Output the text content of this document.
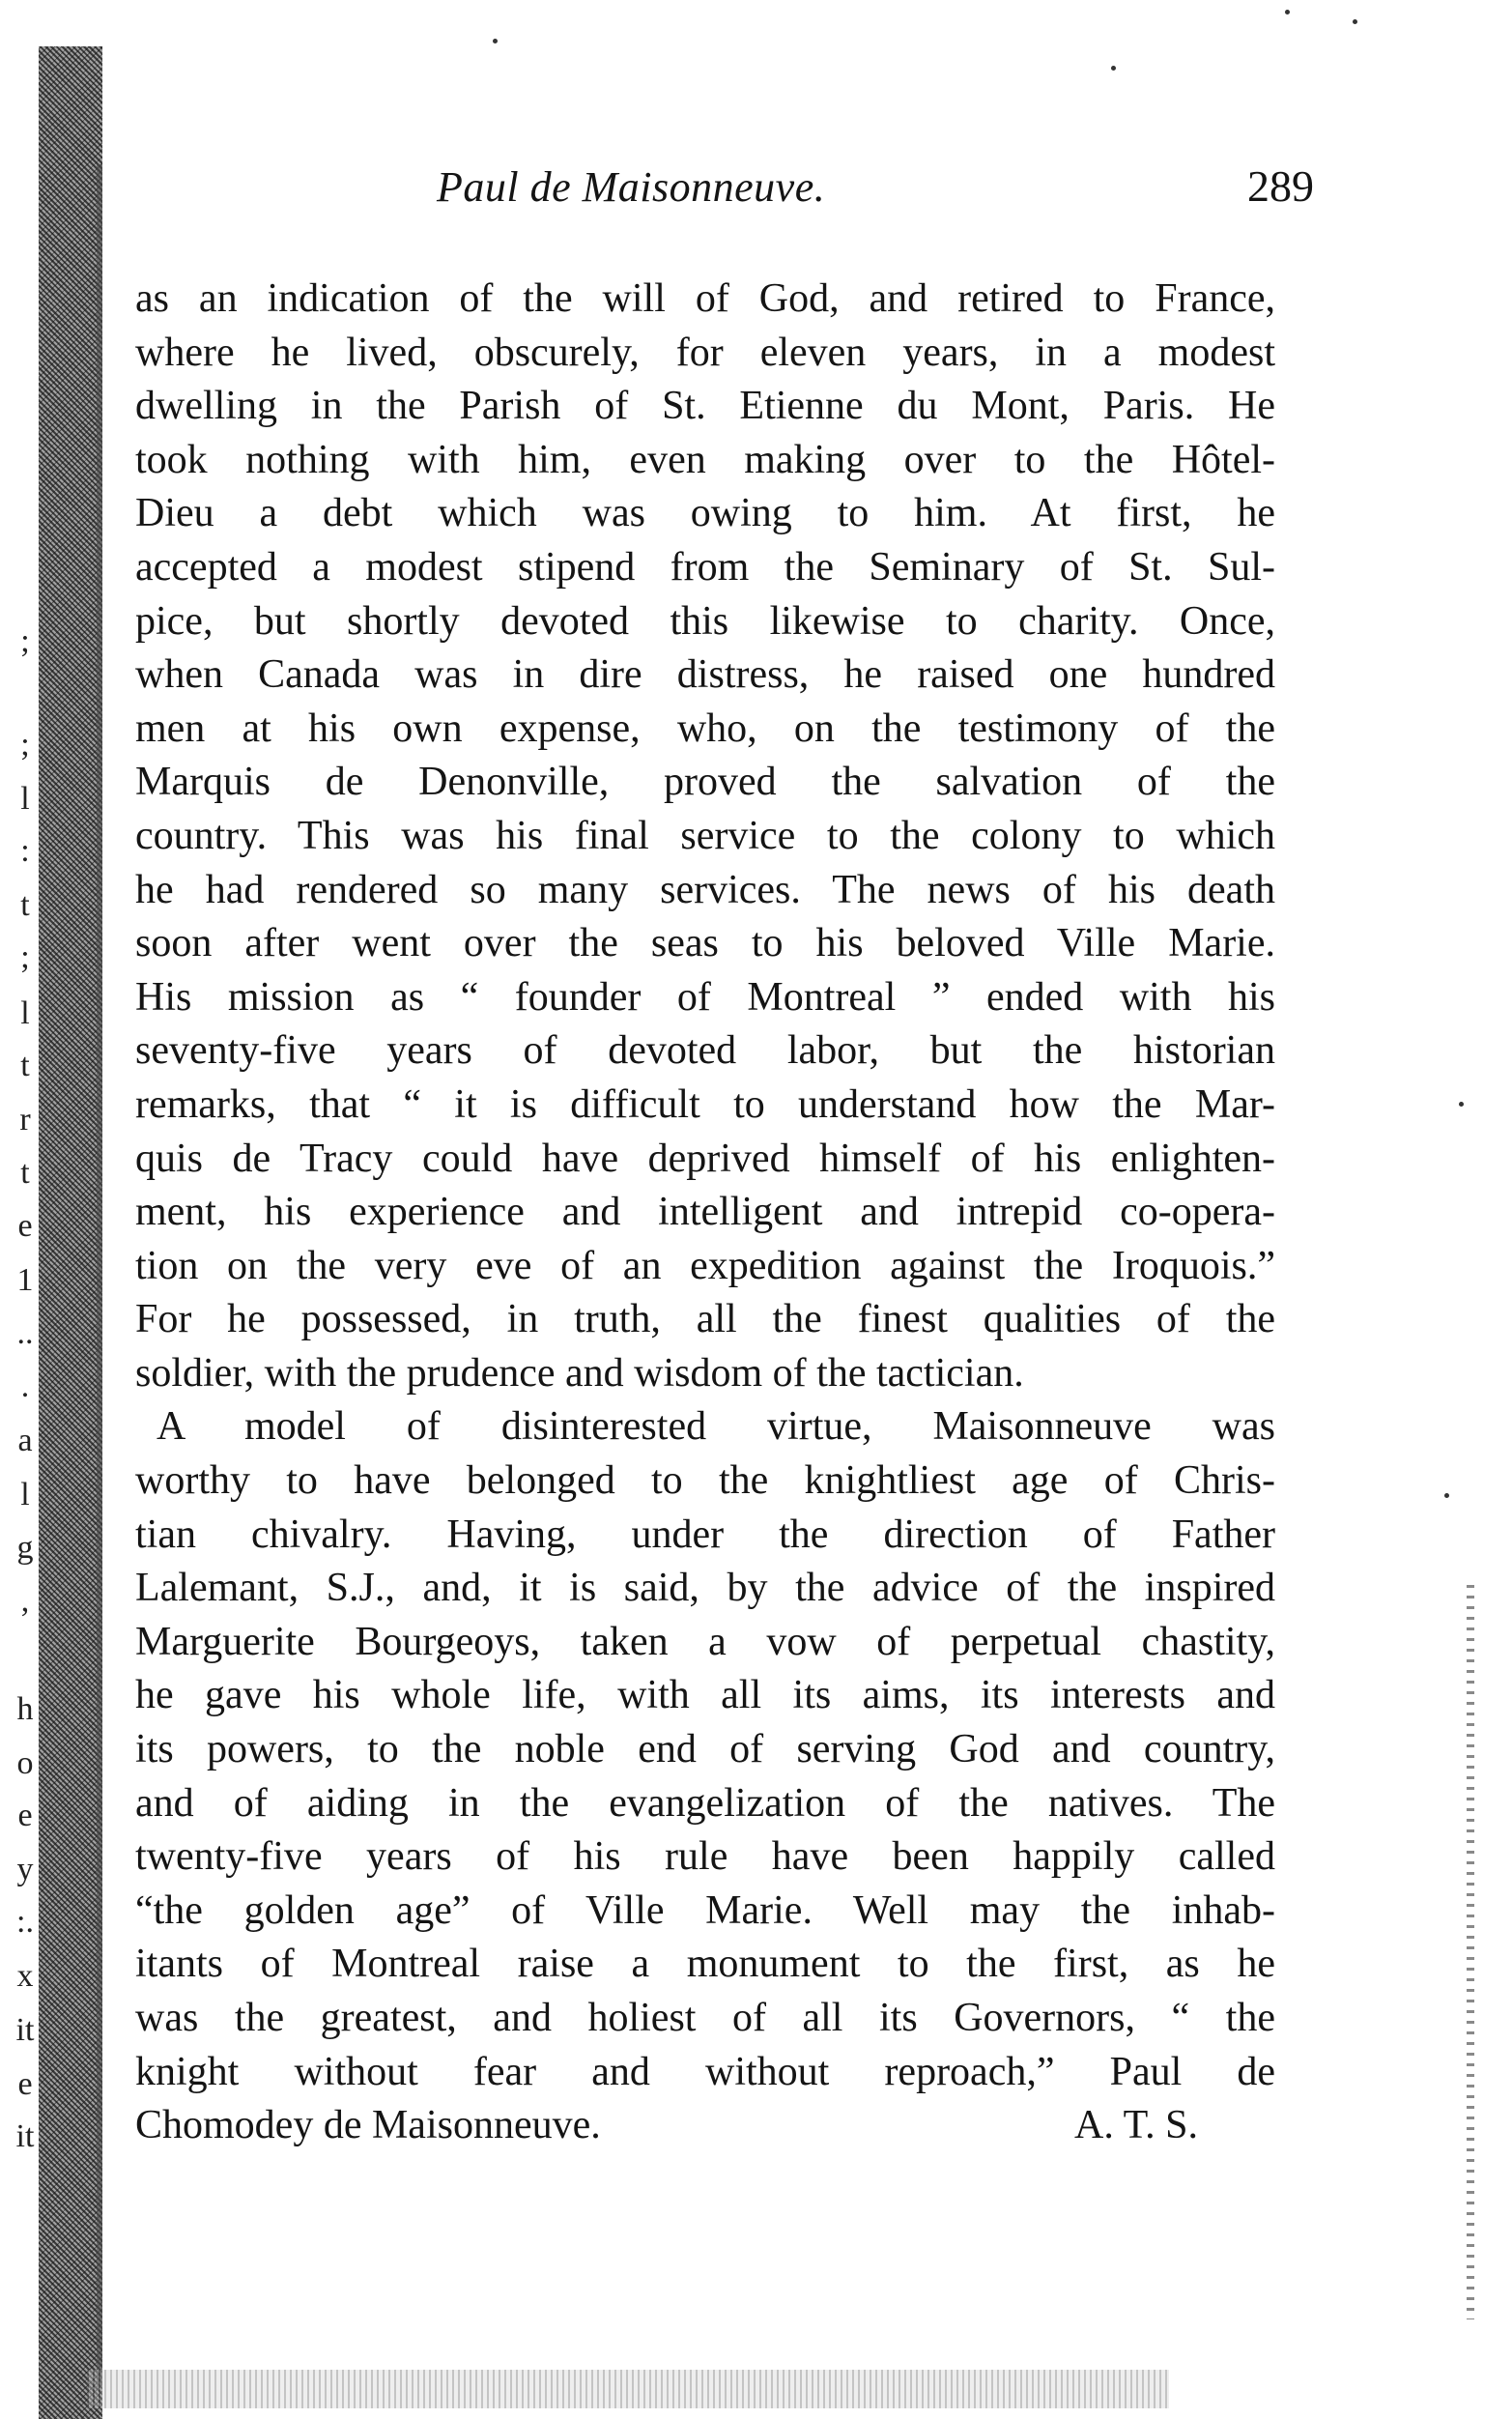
;
;
l
:
t
;
l
t
r
t
e
1
..
.
a
l
g
,
h
o
e
y
:.
x
it
e
it
Paul de Maisonneuve.	289
as an indication of the will of God, and retired to France,
where he lived, obscurely, for eleven years, in a modest
dwelling in the Parish of St. Etienne du Mont, Paris. He
took nothing with him, even making over to the Hôtel-
Dieu a debt which was owing to him. At first, he
accepted a modest stipend from the Seminary of St. Sul-
pice, but shortly devoted this likewise to charity. Once,
when Canada was in dire distress, he raised one hundred
men at his own expense, who, on the testimony of the
Marquis de Denonville, proved the salvation of the
country. This was his final service to the colony to which
he had rendered so many services. The news of his death
soon after went over the seas to his beloved Ville Marie.
His mission as “ founder of Montreal ” ended with his
seventy-five years of devoted labor, but the historian
remarks, that “ it is difficult to understand how the Mar-
quis de Tracy could have deprived himself of his enlighten-
ment, his experience and intelligent and intrepid co-opera-
tion on the very eve of an expedition against the Iroquois.”
For he possessed, in truth, all the finest qualities of the
soldier, with the prudence and wisdom of the tactician.
A model of disinterested virtue, Maisonneuve was
worthy to have belonged to the knightliest age of Chris-
tian chivalry. Having, under the direction of Father
Lalemant, S.J., and, it is said, by the advice of the inspired
Marguerite Bourgeoys, taken a vow of perpetual chastity,
he gave his whole life, with all its aims, its interests and
its powers, to the noble end of serving God and country,
and of aiding in the evangelization of the natives. The
twenty-five years of his rule have been happily called
“the golden age” of Ville Marie. Well may the inhab-
itants of Montreal raise a monument to the first, as he
was the greatest, and holiest of all its Governors, “ the
knight without fear and without reproach,” Paul de
Chomodey de Maisonneuve.	A. T. S.
